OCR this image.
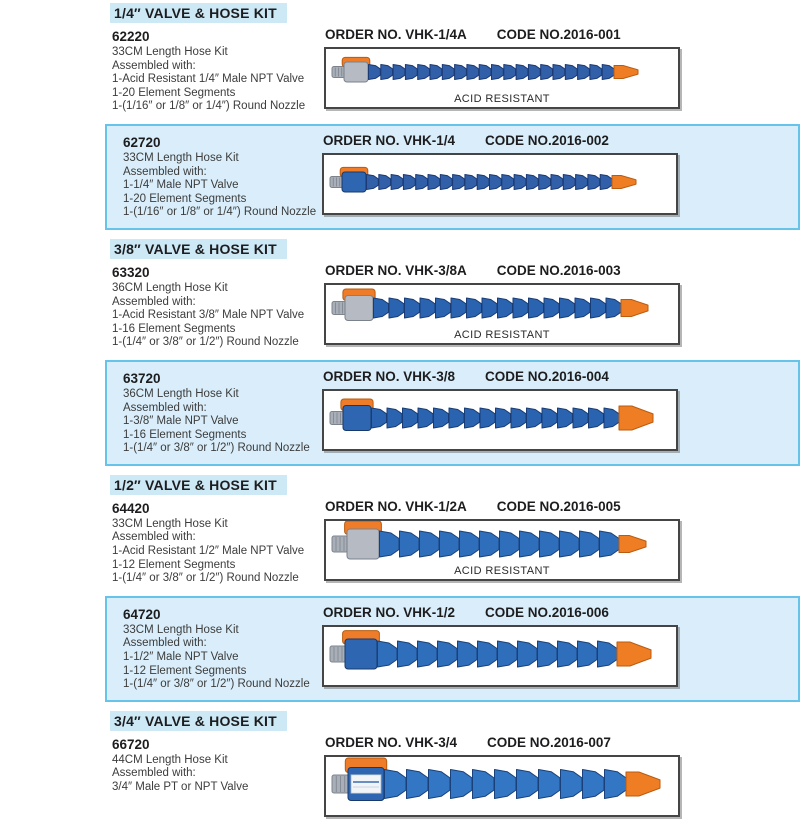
1/4″ VALVE & HOSE KIT
62220
33CM Length Hose Kit
Assembled with:
1-Acid Resistant 1/4″ Male NPT Valve
1-20 Element Segments
1-(1/16″ or 1/8″ or 1/4″) Round Nozzle
ORDER NO. VHK-1/4A CODE NO.2016-001
ACID RESISTANT
62720
33CM Length Hose Kit
Assembled with:
1-1/4″ Male NPT Valve
1-20 Element Segments
1-(1/16″ or 1/8″ or 1/4″) Round Nozzle
ORDER NO. VHK-1/4 CODE NO.2016-002
3/8″ VALVE & HOSE KIT
63320
36CM Length Hose Kit
Assembled with:
1-Acid Resistant 3/8″ Male NPT Valve
1-16 Element Segments
1-(1/4″ or 3/8″ or 1/2″) Round Nozzle
ORDER NO. VHK-3/8A CODE NO.2016-003
ACID RESISTANT
63720
36CM Length Hose Kit
Assembled with:
1-3/8″ Male NPT Valve
1-16 Element Segments
1-(1/4″ or 3/8″ or 1/2″) Round Nozzle
ORDER NO. VHK-3/8 CODE NO.2016-004
1/2″ VALVE & HOSE KIT
64420
33CM Length Hose Kit
Assembled with:
1-Acid Resistant 1/2″ Male NPT Valve
1-12 Element Segments
1-(1/4″ or 3/8″ or 1/2″) Round Nozzle
ORDER NO. VHK-1/2A CODE NO.2016-005
ACID RESISTANT
64720
33CM Length Hose Kit
Assembled with:
1-1/2″ Male NPT Valve
1-12 Element Segments
1-(1/4″ or 3/8″ or 1/2″) Round Nozzle
ORDER NO. VHK-1/2 CODE NO.2016-006
3/4″ VALVE & HOSE KIT
66720
44CM Length Hose Kit
Assembled with:
3/4″ Male PT or NPT Valve
ORDER NO. VHK-3/4 CODE NO.2016-007
